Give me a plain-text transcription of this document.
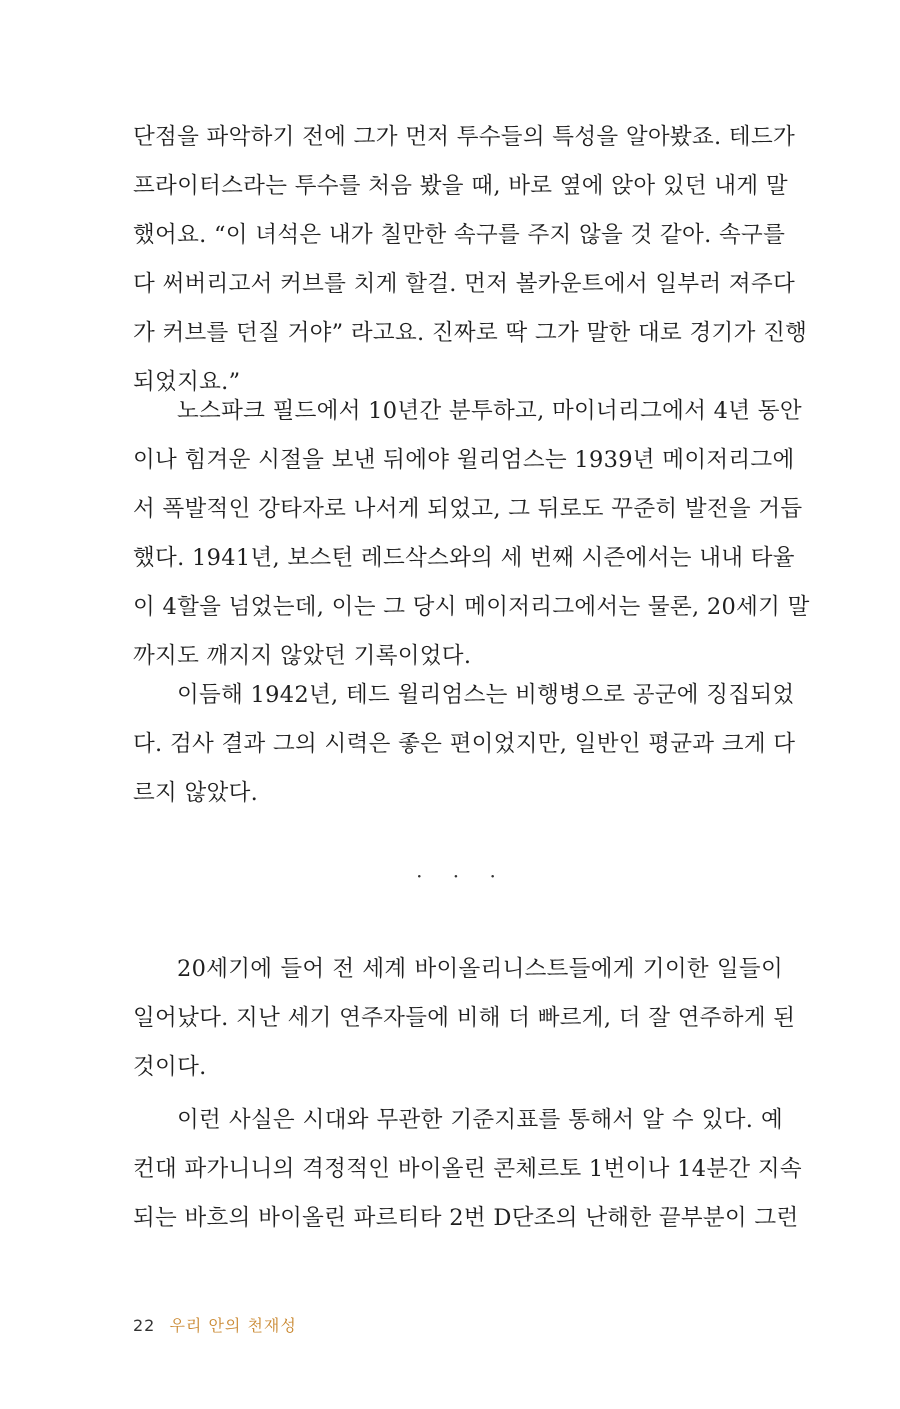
단점을 파악하기 전에 그가 먼저 투수들의 특성을 알아봤죠. 테드가
프라이터스라는 투수를 처음 봤을 때, 바로 옆에 앉아 있던 내게 말
했어요. “이 녀석은 내가 칠만한 속구를 주지 않을 것 같아. 속구를
다 써버리고서 커브를 치게 할걸. 먼저 볼카운트에서 일부러 져주다
가 커브를 던질 거야” 라고요. 진짜로 딱 그가 말한 대로 경기가 진행
되었지요.”
노스파크 필드에서 10년간 분투하고, 마이너리그에서 4년 동안
이나 힘겨운 시절을 보낸 뒤에야 윌리엄스는 1939년 메이저리그에
서 폭발적인 강타자로 나서게 되었고, 그 뒤로도 꾸준히 발전을 거듭
했다. 1941년, 보스턴 레드삭스와의 세 번째 시즌에서는 내내 타율
이 4할을 넘었는데, 이는 그 당시 메이저리그에서는 물론, 20세기 말
까지도 깨지지 않았던 기록이었다.
이듬해 1942년, 테드 윌리엄스는 비행병으로 공군에 징집되었
다. 검사 결과 그의 시력은 좋은 편이었지만, 일반인 평균과 크게 다
르지 않았다.
· · ·
20세기에 들어 전 세계 바이올리니스트들에게 기이한 일들이
일어났다. 지난 세기 연주자들에 비해 더 빠르게, 더 잘 연주하게 된
것이다.
이런 사실은 시대와 무관한 기준지표를 통해서 알 수 있다. 예
컨대 파가니니의 격정적인 바이올린 콘체르토 1번이나 14분간 지속
되는 바흐의 바이올린 파르티타 2번 D단조의 난해한 끝부분이 그런
22 우리 안의 천재성
